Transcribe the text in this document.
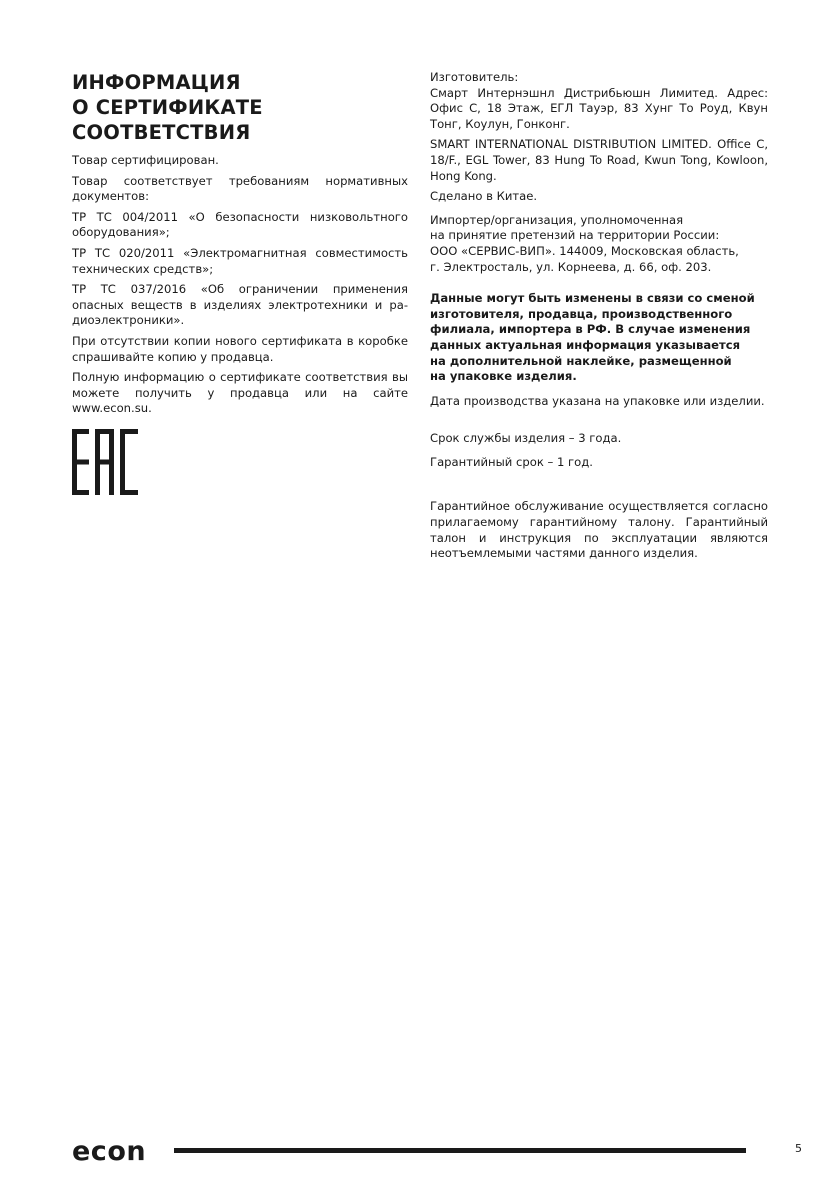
ИНФОРМАЦИЯ
О СЕРТИФИКАТЕ
СООТВЕТСТВИЯ

Товар сертифицирован.

Товар соответствует требованиям нормативных документов:

ТР ТС 004/2011 «О безопасности низковольтного оборудования»;

ТР ТС 020/2011 «Электромагнитная совместимость технических средств»;

ТР ТС 037/2016 «Об ограничении применения опасных веществ в изделиях электротехники и радиоэлектроники».

При отсутствии копии нового сертификата в коробке спрашивайте копию у продавца.

Полную информацию о сертификате соответствия вы можете получить у продавца или на сайте www.econ.su.

Изготовитель:

Смарт Интернэшнл Дистрибьюшн Лимитед. Адрес: Офис C, 18 Этаж, ЕГЛ Тауэр, 83 Хунг То Роуд, Квун Тонг, Коулун, Гонконг.

SMART INTERNATIONAL DISTRIBUTION LIMITED. Office C, 18/F., EGL Tower, 83 Hung To Road, Kwun Tong, Kowloon, Hong Kong.

Сделано в Китае.

Импортер/организация, уполномоченная
на принятие претензий на территории России:
ООО «СЕРВИС-ВИП». 144009, Московская область,
г. Электросталь, ул. Корнеева, д. 66, оф. 203.

Данные могут быть изменены в связи со сменой
изготовителя, продавца, производственного
филиала, импортера в РФ. В случае изменения
данных актуальная информация указывается
на дополнительной наклейке, размещенной
на упаковке изделия.

Дата производства указана на упаковке или изделии.

Срок службы изделия – 3 года.

Гарантийный срок – 1 год.

Гарантийное обслуживание осуществляется согласно прилагаемому гарантийному талону. Гарантийный талон и инструкция по эксплуатации являются неотъемлемыми частями данного изделия.

econ	5
